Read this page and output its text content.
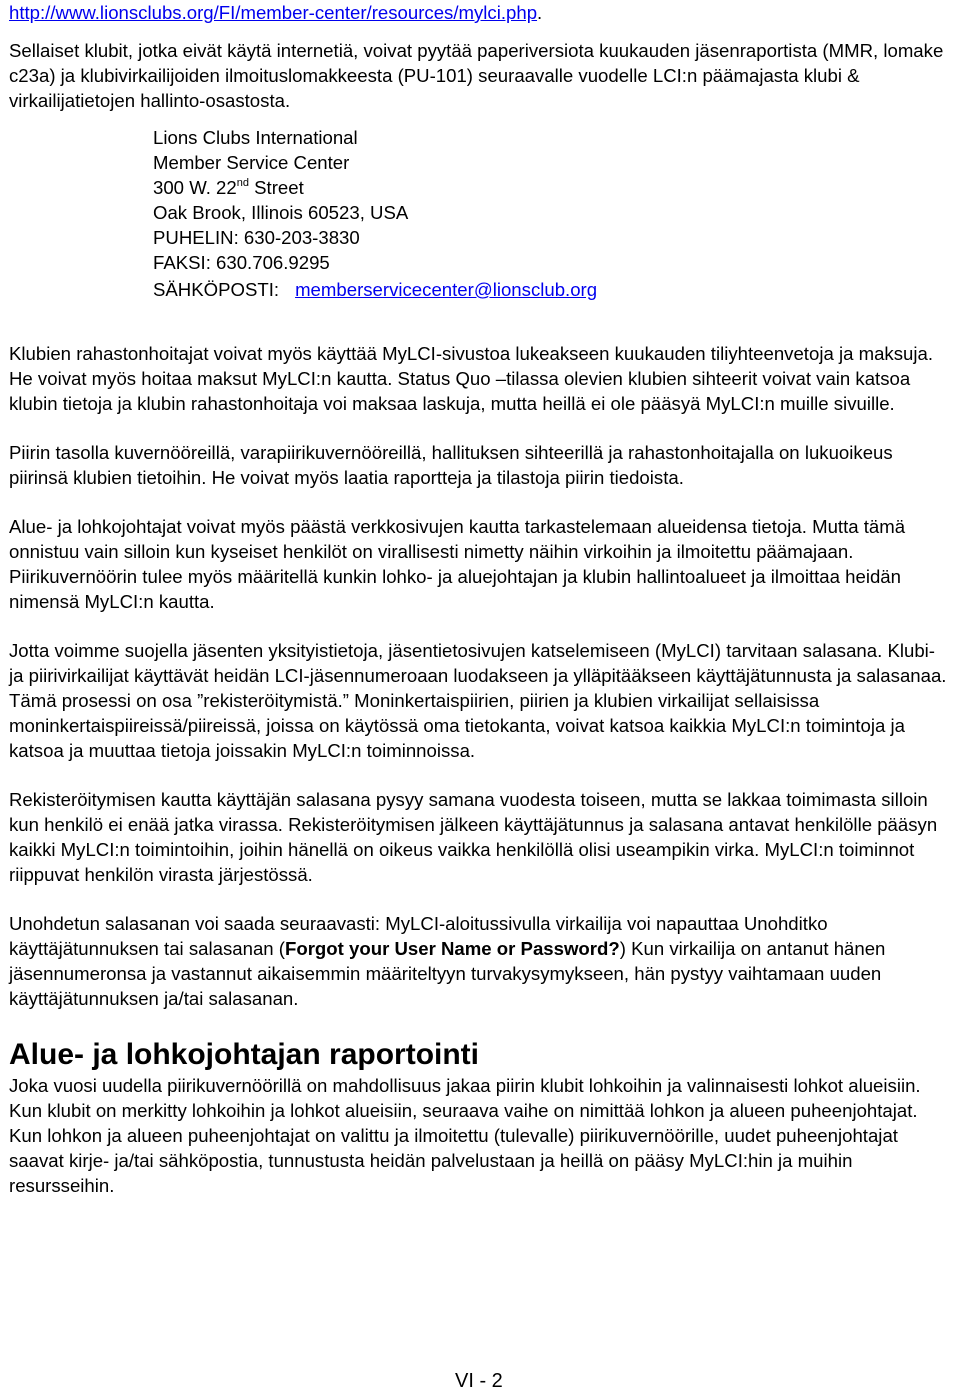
http://www.lionsclubs.org/FI/member-center/resources/mylci.php.

Sellaiset klubit, jotka eivät käytä internetiä, voivat pyytää paperiversiota kuukauden jäsenraportista (MMR, lomake c23a) ja klubivirkailijoiden ilmoituslomakkeesta (PU-101) seuraavalle vuodelle LCI:n päämajasta klubi & virkailijatietojen hallinto-osastosta.

Lions Clubs International
Member Service Center
300 W. 22nd Street
Oak Brook, Illinois 60523, USA
PUHELIN: 630-203-3830
FAKSI: 630.706.9295
SÄHKÖPOSTI: memberservicecenter@lionsclub.org

Klubien rahastonhoitajat voivat myös käyttää MyLCI-sivustoa lukeakseen kuukauden tiliyhteenvetoja ja maksuja. He voivat myös hoitaa maksut MyLCI:n kautta. Status Quo –tilassa olevien klubien sihteerit voivat vain katsoa klubin tietoja ja klubin rahastonhoitaja voi maksaa laskuja, mutta heillä ei ole pääsyä MyLCI:n muille sivuille.

Piirin tasolla kuvernööreillä, varapiirikuvernööreillä, hallituksen sihteerillä ja rahastonhoitajalla on lukuoikeus piirinsä klubien tietoihin. He voivat myös laatia raportteja ja tilastoja piirin tiedoista.

Alue- ja lohkojohtajat voivat myös päästä verkkosivujen kautta tarkastelemaan alueidensa tietoja. Mutta tämä onnistuu vain silloin kun kyseiset henkilöt on virallisesti nimetty näihin virkoihin ja ilmoitettu päämajaan. Piirikuvernöörin tulee myös määritellä kunkin lohko- ja aluejohtajan ja klubin hallintoalueet ja ilmoittaa heidän nimensä MyLCI:n kautta.

Jotta voimme suojella jäsenten yksityistietoja, jäsentietosivujen katselemiseen (MyLCI) tarvitaan salasana. Klubi- ja piirivirkailijat käyttävät heidän LCI-jäsennumeroaan luodakseen ja ylläpitääkseen käyttäjätunnusta ja salasanaa. Tämä prosessi on osa ”rekisteröitymistä.” Moninkertaispiirien, piirien ja klubien virkailijat sellaisissa moninkertaispiireissä/piireissä, joissa on käytössä oma tietokanta, voivat katsoa kaikkia MyLCI:n toimintoja ja katsoa ja muuttaa tietoja joissakin MyLCI:n toiminnoissa.

Rekisteröitymisen kautta käyttäjän salasana pysyy samana vuodesta toiseen, mutta se lakkaa toimimasta silloin kun henkilö ei enää jatka virassa. Rekisteröitymisen jälkeen käyttäjätunnus ja salasana antavat henkilölle pääsyn kaikki MyLCI:n toimintoihin, joihin hänellä on oikeus vaikka henkilöllä olisi useampikin virka. MyLCI:n toiminnot riippuvat henkilön virasta järjestössä.

Unohdetun salasanan voi saada seuraavasti: MyLCI-aloitussivulla virkailija voi napauttaa Unohditko käyttäjätunnuksen tai salasanan (Forgot your User Name or Password?) Kun virkailija on antanut hänen jäsennumeronsa ja vastannut aikaisemmin määriteltyyn turvakysymykseen, hän pystyy vaihtamaan uuden käyttäjätunnuksen ja/tai salasanan.

Alue- ja lohkojohtajan raportointi

Joka vuosi uudella piirikuvernöörillä on mahdollisuus jakaa piirin klubit lohkoihin ja valinnaisesti lohkot alueisiin. Kun klubit on merkitty lohkoihin ja lohkot alueisiin, seuraava vaihe on nimittää lohkon ja alueen puheenjohtajat. Kun lohkon ja alueen puheenjohtajat on valittu ja ilmoitettu (tulevalle) piirikuvernöörille, uudet puheenjohtajat saavat kirje- ja/tai sähköpostia, tunnustusta heidän palvelustaan ja heillä on pääsy MyLCI:hin ja muihin resursseihin.

VI - 2
